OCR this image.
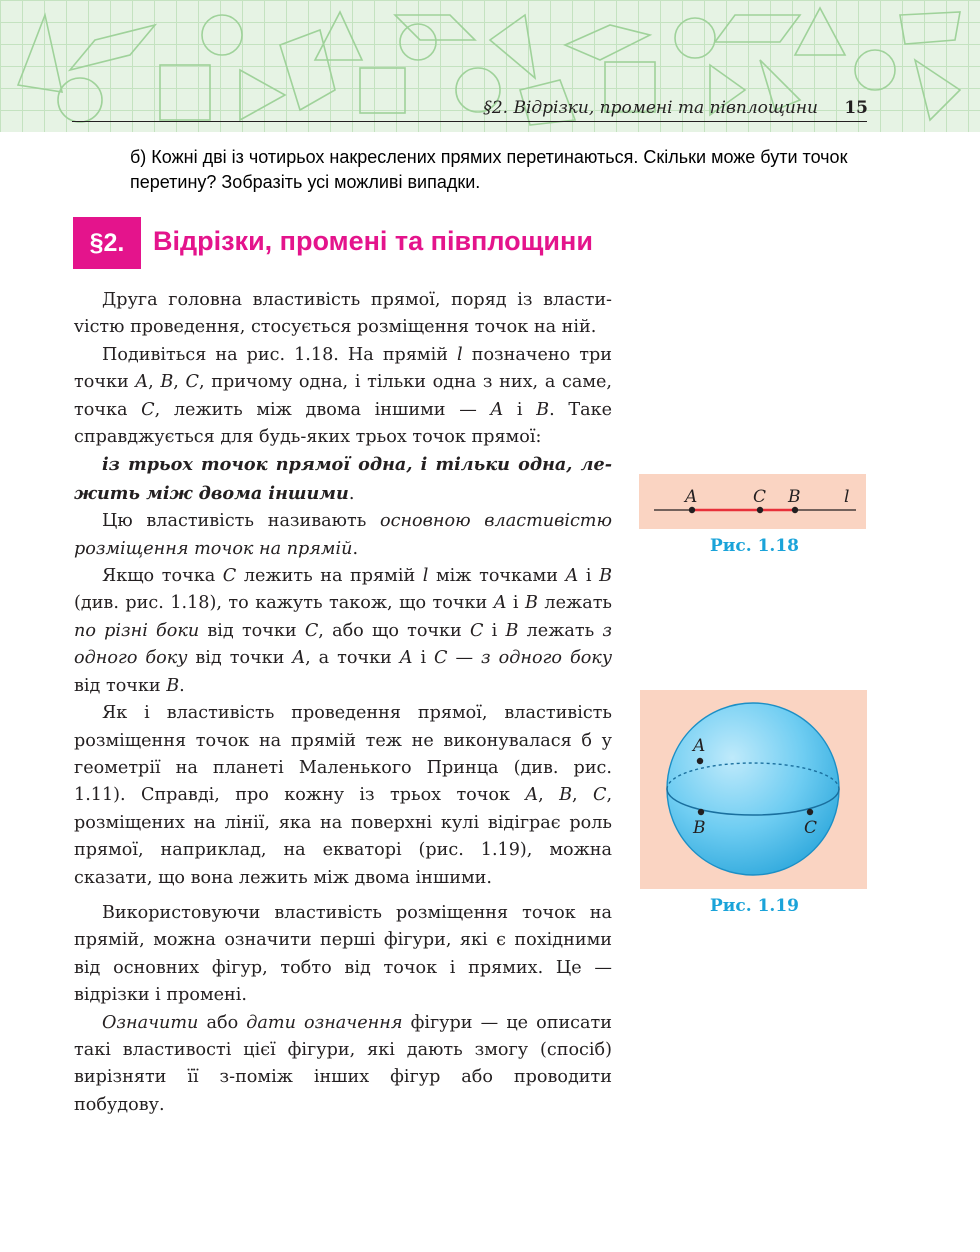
§2. Відрізки, промені та півплощини 15
б) Кожні дві із чотирьох накреслених прямих перетинаються. Скільки може бути точок перетину? Зобразіть усі можливі випадки.
§2.	Відрізки, промені та півплощини

Друга головна властивість прямої, поряд із властиvістю проведення, стосується розміщення точок на ній.

Подивіться на рис. 1.18. На прямій l позначено три точки A, B, C, причому одна, і тільки одна з них, а саме, точка C, лежить між двома іншими — A і B. Таке справджується для будь-яких трьох точок прямої:

із трьох точок прямої одна, і тільки одна, лежить між двома іншими.

Цю властивість називають основною властивістю розміщення точок на прямій.

Якщо точка C лежить на прямій l між точками A і B (див. рис. 1.18), то кажуть також, що точки A і B лежать по різні боки від точки C, або що точки C і B лежать з одного боку від точки A, а точки A і C — з одного боку від точки B.

Як і властивість проведення прямої, властивість розміщення точок на прямій теж не виконувалася б у геометрії на планеті Маленького Принца (див. рис. 1.11). Справді, про кожну із трьох точок A, B, C, розміщених на лінії, яка на поверхні кулі відіграє роль прямої, наприклад, на екваторі (рис. 1.19), можна сказати, що вона лежить між двома іншими.

Використовуючи властивість розміщення точок на прямій, можна означити перші фігури, які є похідними від основних фігур, тобто від точок і прямих. Це — відрізки і промені.

Означити або дати означення фігури — це описати такі властивості цієї фігури, які дають змогу (спосіб) вирізняти її з-поміж інших фігур або проводити побудову.

A	C B	l
Рис. 1.18
A
B	C
Рис. 1.19
